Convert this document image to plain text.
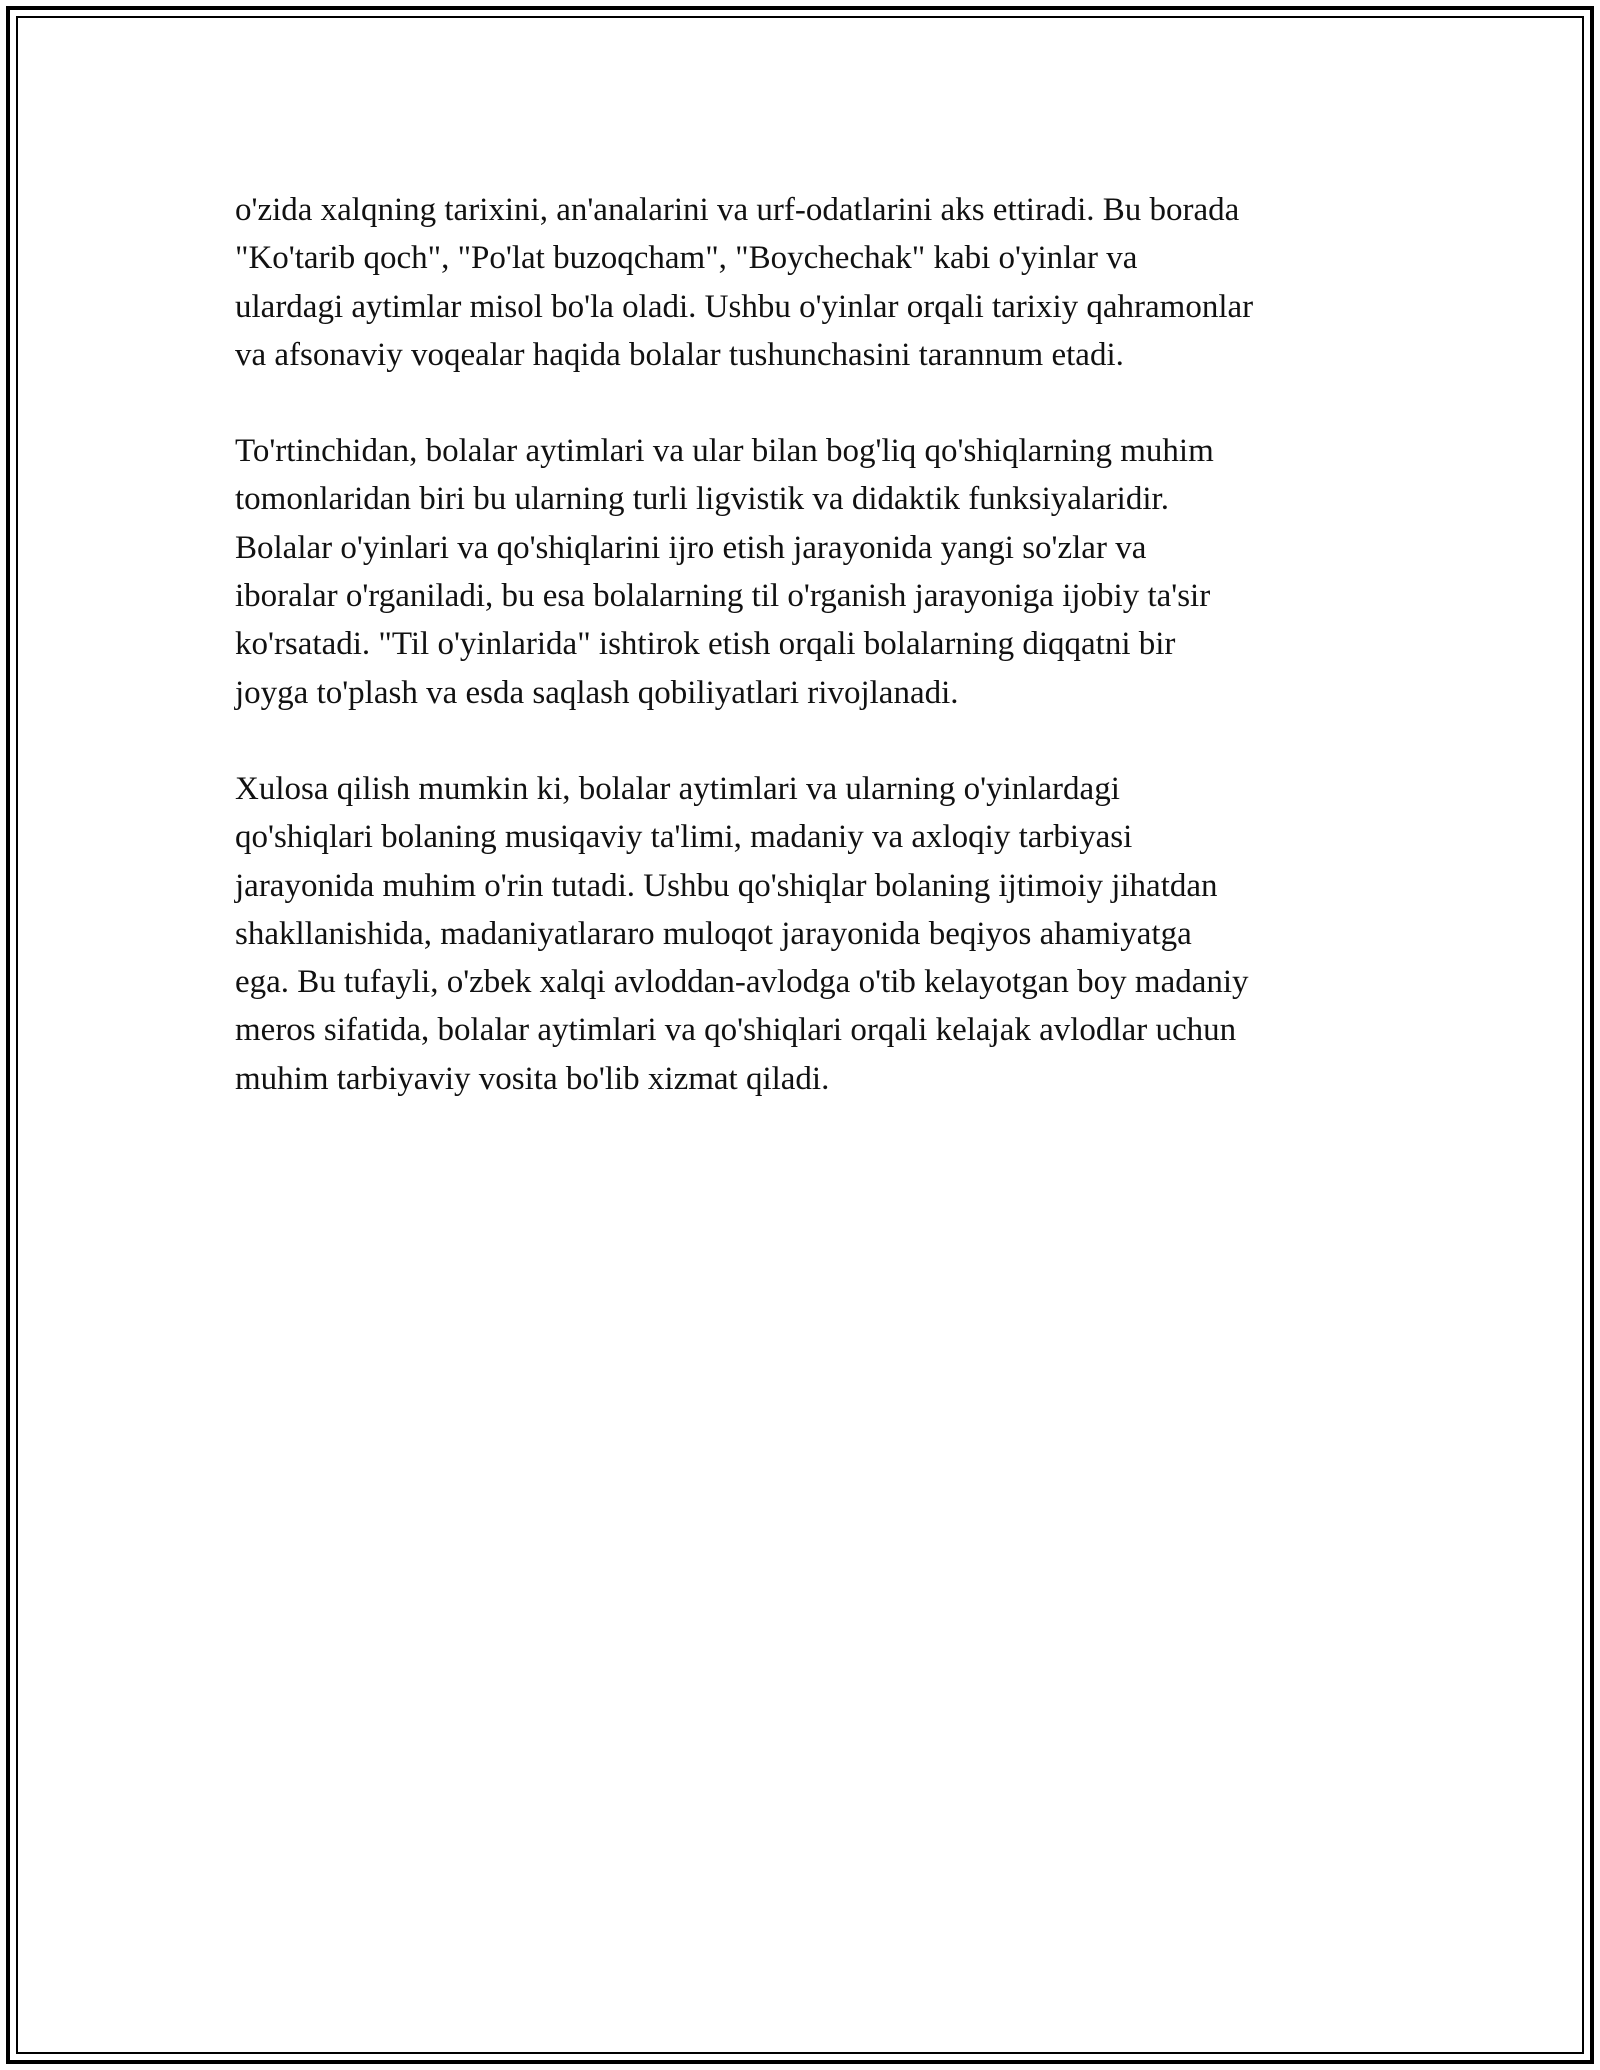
o'zida xalqning tarixini, an'analarini va urf-odatlarini aks ettiradi. Bu borada
"Ko'tarib qoch", "Po'lat buzoqcham", "Boychechak" kabi o'yinlar va
ulardagi aytimlar misol bo'la oladi. Ushbu o'yinlar orqali tarixiy qahramonlar
va afsonaviy voqealar haqida bolalar tushunchasini tarannum etadi.
To'rtinchidan, bolalar aytimlari va ular bilan bog'liq qo'shiqlarning muhim
tomonlaridan biri bu ularning turli ligvistik va didaktik funksiyalaridir.
Bolalar o'yinlari va qo'shiqlarini ijro etish jarayonida yangi so'zlar va
iboralar o'rganiladi, bu esa bolalarning til o'rganish jarayoniga ijobiy ta'sir
ko'rsatadi. "Til o'yinlarida" ishtirok etish orqali bolalarning diqqatni bir
joyga to'plash va esda saqlash qobiliyatlari rivojlanadi.
Xulosa qilish mumkin ki, bolalar aytimlari va ularning o'yinlardagi
qo'shiqlari bolaning musiqaviy ta'limi, madaniy va axloqiy tarbiyasi
jarayonida muhim o'rin tutadi. Ushbu qo'shiqlar bolaning ijtimoiy jihatdan
shakllanishida, madaniyatlararo muloqot jarayonida beqiyos ahamiyatga
ega. Bu tufayli, o'zbek xalqi avloddan-avlodga o'tib kelayotgan boy madaniy
meros sifatida, bolalar aytimlari va qo'shiqlari orqali kelajak avlodlar uchun
muhim tarbiyaviy vosita bo'lib xizmat qiladi.
